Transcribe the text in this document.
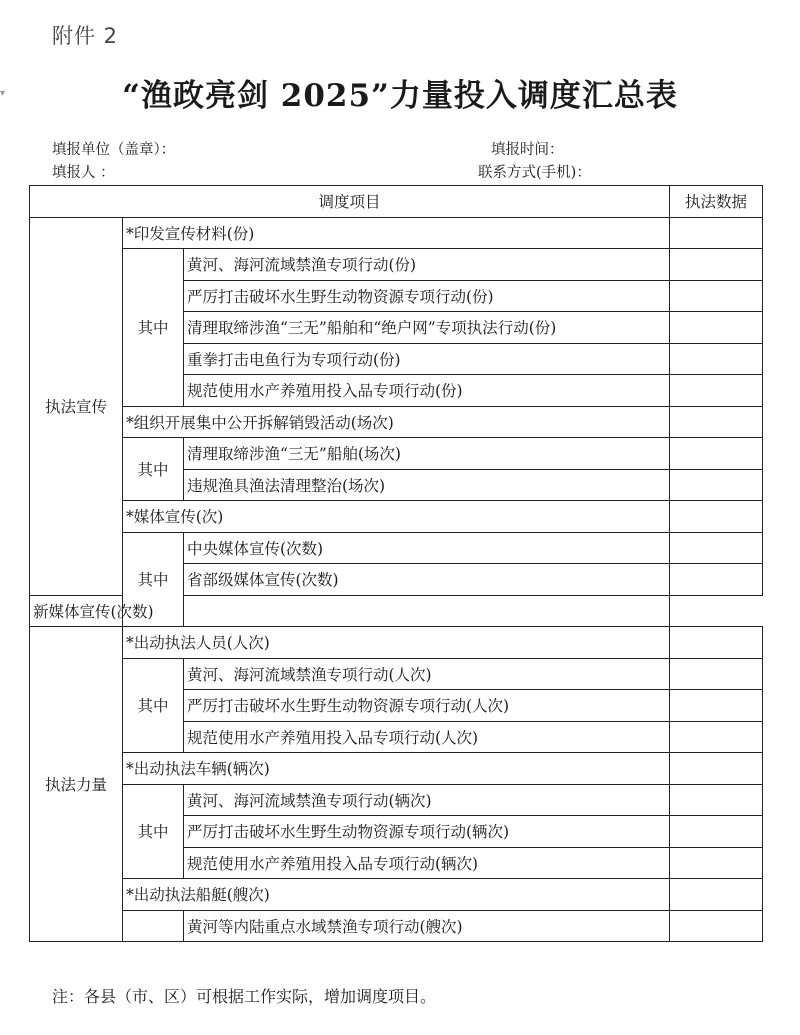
附件 2
▾	“渔政亮剑 2025”力量投入调度汇总表
填报单位（盖章）：	填报时间：
填报人 ：	联系方式(手机)：
调度项目			执法数据
执法宣传	*印发宣传材料(份)		
	其中	黄河、海河流域禁渔专项行动(份)	
		严厉打击破坏水生野生动物资源专项行动(份)	
		清理取缔涉渔“三无”船舶和“绝户网”专项执法行动(份)	
		重拳打击电鱼行为专项行动(份)	
		规范使用水产养殖用投入品专项行动(份)	
	*组织开展集中公开拆解销毁活动(场次)		
	其中	清理取缔涉渔“三无”船舶(场次)	
		违规渔具渔法清理整治(场次)	
	*媒体宣传(次)		
	其中	中央媒体宣传(次数)	
		省部级媒体宣传(次数)	
新媒体宣传(次数)			
执法力量	*出动执法人员(人次)		
	其中	黄河、海河流域禁渔专项行动(人次)	
		严厉打击破坏水生野生动物资源专项行动(人次)	
		规范使用水产养殖用投入品专项行动(人次)	
	*出动执法车辆(辆次)		
	其中	黄河、海河流域禁渔专项行动(辆次)	
		严厉打击破坏水生野生动物资源专项行动(辆次)	
		规范使用水产养殖用投入品专项行动(辆次)	
	*出动执法船艇(艘次)		
		黄河等内陆重点水域禁渔专项行动(艘次)	
注：各县（市、区）可根据工作实际，增加调度项目。
